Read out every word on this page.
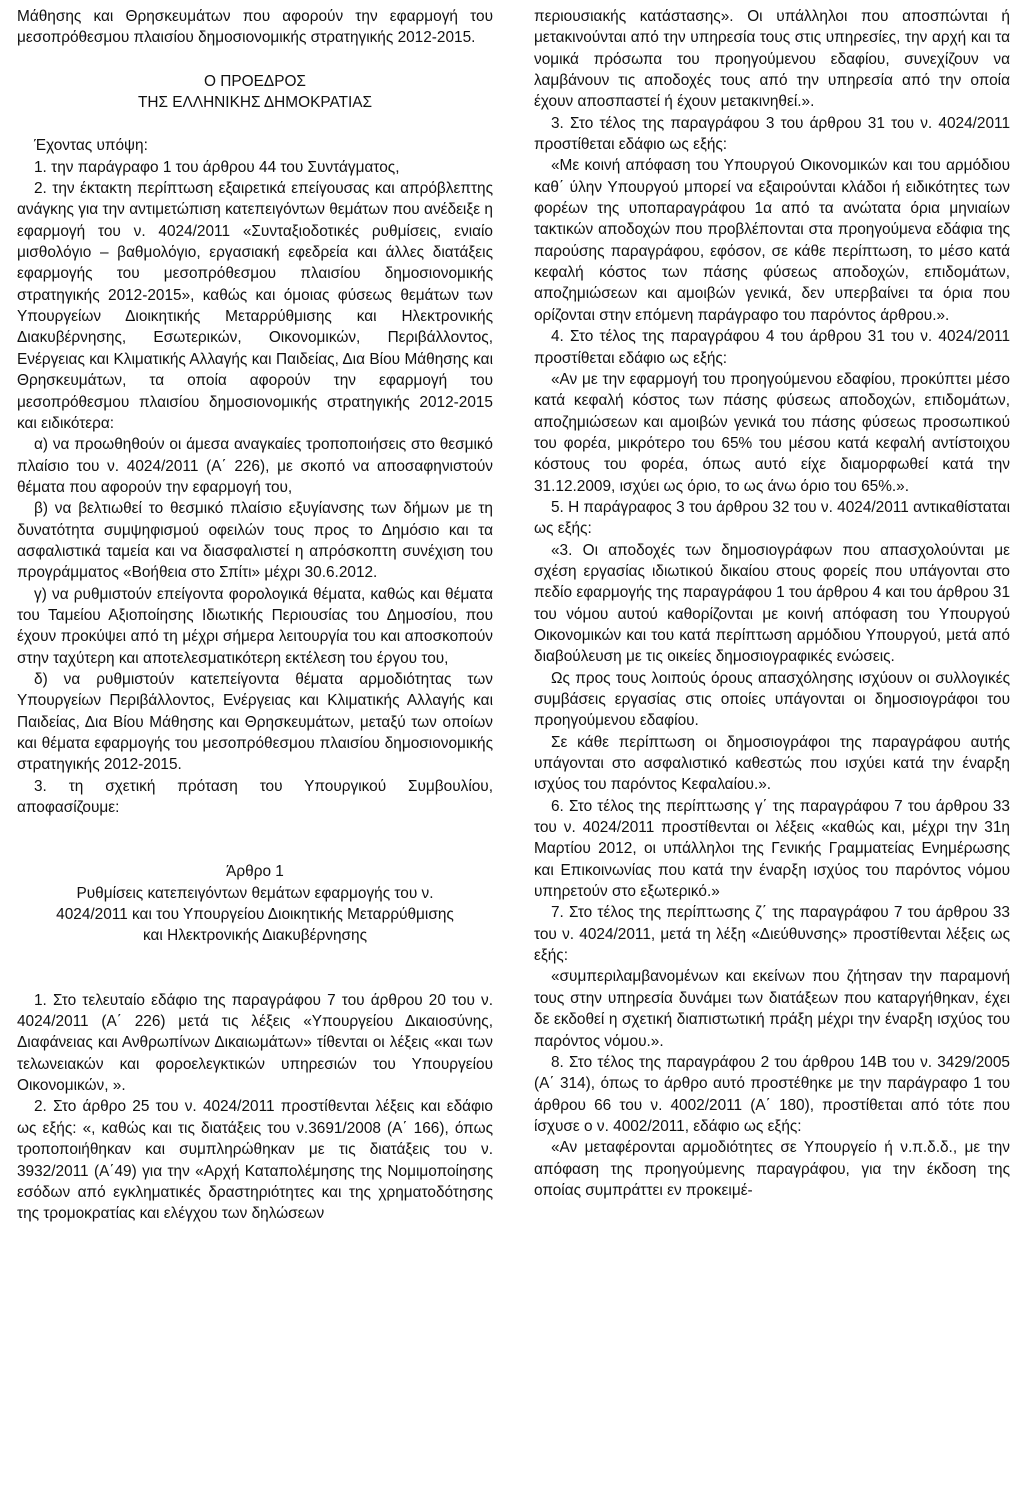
Μάθησης και Θρησκευμάτων που αφορούν την εφαρμογή του μεσοπρόθεσμου πλαισίου δημοσιονομικής στρατηγικής 2012-2015.

Ο ΠΡΟΕΔΡΟΣ

ΤΗΣ ΕΛΛΗΝΙΚΗΣ ΔΗΜΟΚΡΑΤΙΑΣ

Έχοντας υπόψη:

1. την παράγραφο 1 του άρθρου 44 του Συντάγματος,

2. την έκτακτη περίπτωση εξαιρετικά επείγουσας και απρόβλεπτης ανάγκης για την αντιμετώπιση κατεπειγόντων θεμάτων που ανέδειξε η εφαρμογή του ν. 4024/2011 «Συνταξιοδοτικές ρυθμίσεις, ενιαίο μισθολόγιο – βαθμολόγιο, εργασιακή εφεδρεία και άλλες διατάξεις εφαρμογής του μεσοπρόθεσμου πλαισίου δημοσιονομικής στρατηγικής 2012-2015», καθώς και όμοιας φύσεως θεμάτων των Υπουργείων Διοικητικής Μεταρρύθμισης και Ηλεκτρονικής Διακυβέρνησης, Εσωτερικών, Οικονομικών, Περιβάλλοντος, Ενέργειας και Κλιματικής Αλλαγής και Παιδείας, Δια Βίου Μάθησης και Θρησκευμάτων, τα οποία αφορούν την εφαρμογή του μεσοπρόθεσμου πλαισίου δημοσιονομικής στρατηγικής 2012-2015 και ειδικότερα:

α) να προωθηθούν οι άμεσα αναγκαίες τροποποιήσεις στο θεσμικό πλαίσιο του ν. 4024/2011 (Α΄ 226), με σκοπό να αποσαφηνιστούν θέματα που αφορούν την εφαρμογή του,

β) να βελτιωθεί το θεσμικό πλαίσιο εξυγίανσης των δήμων με τη δυνατότητα συμψηφισμού οφειλών τους προς το Δημόσιο και τα ασφαλιστικά ταμεία και να διασφαλιστεί η απρόσκοπτη συνέχιση του προγράμματος «Βοήθεια στο Σπίτι» μέχρι 30.6.2012.

γ) να ρυθμιστούν επείγοντα φορολογικά θέματα, καθώς και θέματα του Ταμείου Αξιοποίησης Ιδιωτικής Περιουσίας του Δημοσίου, που έχουν προκύψει από τη μέχρι σήμερα λειτουργία του και αποσκοπούν στην ταχύτερη και αποτελεσματικότερη εκτέλεση του έργου του,

δ) να ρυθμιστούν κατεπείγοντα θέματα αρμοδιότητας των Υπουργείων Περιβάλλοντος, Ενέργειας και Κλιματικής Αλλαγής και Παιδείας, Δια Βίου Μάθησης και Θρησκευμάτων, μεταξύ των οποίων και θέματα εφαρμογής του μεσοπρόθεσμου πλαισίου δημοσιονομικής στρατηγικής 2012-2015.

3. τη σχετική πρόταση του Υπουργικού Συμβουλίου, αποφασίζουμε:

Άρθρο 1

Ρυθμίσεις κατεπειγόντων θεμάτων εφαρμογής του ν. 4024/2011 και του Υπουργείου Διοικητικής Μεταρρύθμισης και Ηλεκτρονικής Διακυβέρνησης

1. Στο τελευταίο εδάφιο της παραγράφου 7 του άρθρου 20 του ν. 4024/2011 (Α΄ 226) μετά τις λέξεις «Υπουργείου Δικαιοσύνης, Διαφάνειας και Ανθρωπίνων Δικαιωμάτων» τίθενται οι λέξεις «και των τελωνειακών και φοροελεγκτικών υπηρεσιών του Υπουργείου Οικονομικών, ».

2. Στο άρθρο 25 του ν. 4024/2011 προστίθενται λέξεις και εδάφιο ως εξής: «, καθώς και τις διατάξεις του ν.3691/2008 (Α΄ 166), όπως τροποποιήθηκαν και συμπληρώθηκαν με τις διατάξεις του ν. 3932/2011 (Α΄49) για την «Αρχή Καταπολέμησης της Νομιμοποίησης εσόδων από εγκληματικές δραστηριότητες και της χρηματοδότησης της τρομοκρατίας και ελέγχου των δηλώσεων

περιουσιακής κατάστασης». Οι υπάλληλοι που αποσπώνται ή μετακινούνται από την υπηρεσία τους στις υπηρεσίες, την αρχή και τα νομικά πρόσωπα του προηγούμενου εδαφίου, συνεχίζουν να λαμβάνουν τις αποδοχές τους από την υπηρεσία από την οποία έχουν αποσπαστεί ή έχουν μετακινηθεί.».

3. Στο τέλος της παραγράφου 3 του άρθρου 31 του ν. 4024/2011 προστίθεται εδάφιο ως εξής:

«Με κοινή απόφαση του Υπουργού Οικονομικών και του αρμόδιου καθ΄ ύλην Υπουργού μπορεί να εξαιρούνται κλάδοι ή ειδικότητες των φορέων της υποπαραγράφου 1α από τα ανώτατα όρια μηνιαίων τακτικών αποδοχών που προβλέπονται στα προηγούμενα εδάφια της παρούσης παραγράφου, εφόσον, σε κάθε περίπτωση, το μέσο κατά κεφαλή κόστος των πάσης φύσεως αποδοχών, επιδομάτων, αποζημιώσεων και αμοιβών γενικά, δεν υπερβαίνει τα όρια που ορίζονται στην επόμενη παράγραφο του παρόντος άρθρου.».

4. Στο τέλος της παραγράφου 4 του άρθρου 31 του ν. 4024/2011 προστίθεται εδάφιο ως εξής:

«Αν με την εφαρμογή του προηγούμενου εδαφίου, προκύπτει μέσο κατά κεφαλή κόστος των πάσης φύσεως αποδοχών, επιδομάτων, αποζημιώσεων και αμοιβών γενικά του πάσης φύσεως προσωπικού του φορέα, μικρότερο του 65% του μέσου κατά κεφαλή αντίστοιχου κόστους του φορέα, όπως αυτό είχε διαμορφωθεί κατά την 31.12.2009, ισχύει ως όριο, το ως άνω όριο του 65%.».

5. Η παράγραφος 3 του άρθρου 32 του ν. 4024/2011 αντικαθίσταται ως εξής:

«3. Οι αποδοχές των δημοσιογράφων που απασχολούνται με σχέση εργασίας ιδιωτικού δικαίου στους φορείς που υπάγονται στο πεδίο εφαρμογής της παραγράφου 1 του άρθρου 4 και του άρθρου 31 του νόμου αυτού καθορίζονται με κοινή απόφαση του Υπουργού Οικονομικών και του κατά περίπτωση αρμόδιου Υπουργού, μετά από διαβούλευση με τις οικείες δημοσιογραφικές ενώσεις.

Ως προς τους λοιπούς όρους απασχόλησης ισχύουν οι συλλογικές συμβάσεις εργασίας στις οποίες υπάγονται οι δημοσιογράφοι του προηγούμενου εδαφίου.

Σε κάθε περίπτωση οι δημοσιογράφοι της παραγράφου αυτής υπάγονται στο ασφαλιστικό καθεστώς που ισχύει κατά την έναρξη ισχύος του παρόντος Κεφαλαίου.».

6. Στο τέλος της περίπτωσης γ΄ της παραγράφου 7 του άρθρου 33 του ν. 4024/2011 προστίθενται οι λέξεις «καθώς και, μέχρι την 31η Μαρτίου 2012, οι υπάλληλοι της Γενικής Γραμματείας Ενημέρωσης και Επικοινωνίας που κατά την έναρξη ισχύος του παρόντος νόμου υπηρετούν στο εξωτερικό.»

7. Στο τέλος της περίπτωσης ζ΄ της παραγράφου 7 του άρθρου 33 του ν. 4024/2011, μετά τη λέξη «Διεύθυνσης» προστίθενται λέξεις ως εξής:

«συμπεριλαμβανομένων και εκείνων που ζήτησαν την παραμονή τους στην υπηρεσία δυνάμει των διατάξεων που καταργήθηκαν, έχει δε εκδοθεί η σχετική διαπιστωτική πράξη μέχρι την έναρξη ισχύος του παρόντος νόμου.».

8. Στο τέλος της παραγράφου 2 του άρθρου 14Β του ν. 3429/2005 (Α΄ 314), όπως το άρθρο αυτό προστέθηκε με την παράγραφο 1 του άρθρου 66 του ν. 4002/2011 (Α΄ 180), προστίθεται από τότε που ίσχυσε ο ν. 4002/2011, εδάφιο ως εξής:

«Αν μεταφέρονται αρμοδιότητες σε Υπουργείο ή ν.π.δ.δ., με την απόφαση της προηγούμενης παραγράφου, για την έκδοση της οποίας συμπράττει εν προκειμέ-
